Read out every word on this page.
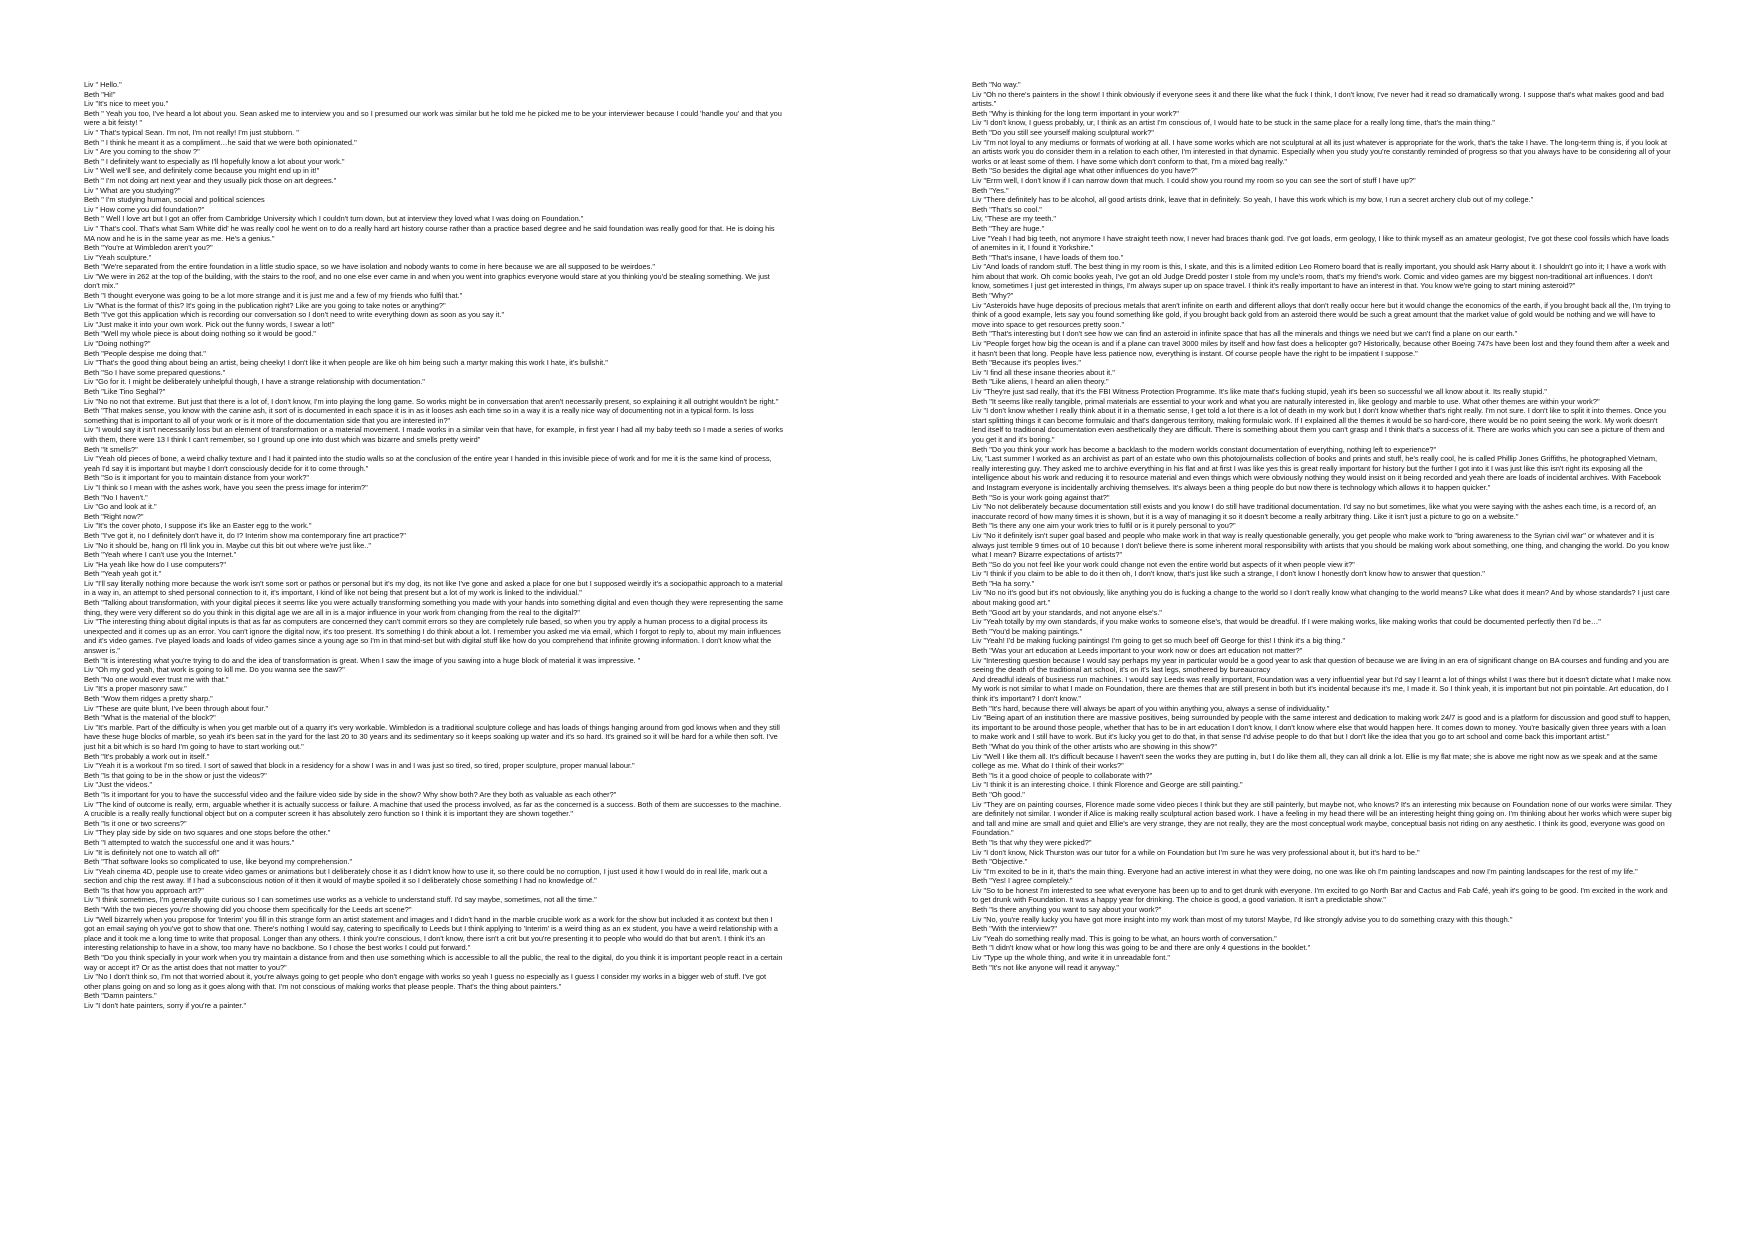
Liv " Hello."

Beth "Hi!"

Liv "It's nice to meet you."

Beth " Yeah you too, I've heard a lot about you. Sean asked me to interview you and so I presumed our work was similar but he told me he picked me to be your interviewer because I could 'handle you' and that you were a bit feisty! "

Liv " That's typical Sean. I'm not, I'm not really! I'm just stubborn. "

Beth " I think he meant it as a compliment…he said that we were both opinionated."

Liv " Are you coming to the show ?"

Beth " I definitely want to especially as I'll hopefully know a lot about your work."

Liv " Well we'll see, and definitely come because you might end up in it!"

Beth " I'm not doing art next year and they usually pick those on art degrees."

Liv " What are you studying?"

Beth " I'm studying human, social and political sciences

Liv " How come you did foundation?"

Beth " Well I love art but I got an offer from Cambridge University which I couldn't turn down, but at interview they loved what I was doing on Foundation."

Liv " That's cool. That's what Sam White did' he was really cool he went on to do a really hard art history course rather than a practice based degree and he said foundation was really good for that. He is doing his MA now and he is in the same year as me. He's a genius."

Beth "You're at Wimbledon aren't you?"

Liv "Yeah sculpture."

Beth "We're separated from the entire foundation in a little studio space, so we have isolation and nobody wants to come in here because we are all supposed to be weirdoes."

Liv "We were in 262 at the top of the building, with the stairs to the roof, and no one else ever came in and when you went into graphics everyone would stare at you thinking you'd be stealing something. We just don't mix."

Beth "I thought everyone was going to be a lot more strange and it is just me and a few of my friends who fulfil that."

Liv "What is the format of this? It's going in the publication right? Like are you going to take notes or anything?"

Beth "I've got this application which is recording our conversation so I don't need to write everything down as soon as you say it."

Liv "Just make it into your own work. Pick out the funny words, I swear a lot!"

Beth "Well my whole piece is about doing nothing so it would be good."

Liv "Doing nothing?"

Beth "People despise me doing that."

Liv "That's the good thing about being an artist, being cheeky! I don't like it when people are like oh him being such a martyr making this work I hate, it's bullshit."

Beth "So I have some prepared questions."

Liv "Go for it. I might be deliberately unhelpful though, I have a strange relationship with documentation."

Beth "Like Tino Seghal?"

Liv "No no not that extreme. But just that there is a lot of, I don't know, I'm into playing the long game. So works might be in conversation that aren't necessarily present, so explaining it all outright wouldn't be right."

Beth "That makes sense, you know with the canine ash, it sort of is documented in each space it is in as it looses ash each time so in a way it is a really nice way of documenting not in a typical form. Is loss something that is important to all of your work or is it more of the documentation side that you are interested in?"

Liv "I would say it isn't necessarily loss but an element of transformation or a material movement. I made works in a similar vein that have, for example, in first year I had all my baby teeth so I made a series of works with them, there were 13 I think I can't remember, so I ground up one into dust which was bizarre and smells pretty weird"

Beth "It smells?"

Liv "Yeah old pieces of bone, a weird chalky texture and I had it painted into the studio walls so at the conclusion of the entire year I handed in this invisible piece of work and for me it is the same kind of process, yeah I'd say it is important but maybe I don't consciously decide for it to come through."

Beth "So is it important for you to maintain distance from your work?"

Liv "I think so I mean with the ashes work, have you seen the press image for interim?"

Beth "No I haven't."

Liv "Go and look at it."

Beth "Right now?"

Liv "It's the cover photo, I suppose it's like an Easter egg to the work."

Beth "I've got it, no I definitely don't have it, do I? Interim show ma contemporary fine art practice?"

Liv "No it should be, hang on I'll link you in. Maybe cut this bit out where we're just like.."

Beth "Yeah where I can't use you the Internet."

Liv "Ha yeah like how do I use computers?"

Beth "Yeah yeah got it."

Liv "I'll say literally nothing more because the work isn't some sort or pathos or personal but it's my dog, its not like I've gone and asked a place for one but I supposed weirdly it's a sociopathic approach to a material in a way in, an attempt to shed personal connection to it, it's important, I kind of like not being that present but a lot of my work is linked to the individual."

Beth "Talking about transformation, with your digital pieces it seems like you were actually transforming something you made with your hands into something digital and even though they were representing the same thing, they were very different so do you think in this digital age we are all in is a major influence in your work from changing from the real to the digital?"

Liv "The interesting thing about digital inputs is that as far as computers are concerned they can't commit errors so they are completely rule based, so when you try apply a human process to a digital process its unexpected and it comes up as an error. You can't ignore the digital now, it's too present. It's something I do think about a lot. I remember you asked me via email, which I forgot to reply to, about my main influences and it's video games. I've played loads and loads of video games since a young age so I'm in that mind-set but with digital stuff like how do you comprehend that infinite growing information. I don't know what the answer is."

Beth "It is interesting what you're trying to do and the idea of transformation is great. When I saw the image of you sawing into a huge block of material it was impressive. "

Liv "Oh my god yeah, that work is going to kill me. Do you wanna see the saw?"

Beth "No one would ever trust me with that."

Liv "It's a proper masonry saw."

Beth "Wow them ridges a pretty sharp."

Liv "These are quite blunt, I've been through about four."

Beth "What is the material of the block?"

Liv "It's marble. Part of the difficulty is when you get marble out of a quarry it's very workable. Wimbledon is a traditional sculpture college and has loads of things hanging around from god knows when and they still have these huge blocks of marble, so yeah it's been sat in the yard for the last 20 to 30 years and its sedimentary so it keeps soaking up water and it's so hard. It's grained so it will be hard for a while then soft. I've just hit a bit which is so hard I'm going to have to start working out."

Beth "It's probably a work out in itself."

Liv "Yeah it is a workout I'm so tired. I sort of sawed that block in a residency for a show I was in and I was just so tired, so tired, proper sculpture, proper manual labour."

Beth "Is that going to be in the show or just the videos?"

Liv "Just the videos."

Beth "Is it important for you to have the successful video and the failure video side by side in the show? Why show both? Are they both as valuable as each other?"

Liv "The kind of outcome is really, erm, arguable whether it is actually success or failure. A machine that used the process involved, as far as the concerned is a success. Both of them are successes to the machine. A crucible is a really really functional object but on a computer screen it has absolutely zero function so I think it is important they are shown together."

Beth "Is it one or two screens?"

Liv "They play side by side on two squares and one stops before the other."

Beth "I attempted to watch the successful one and it was hours."

Liv "It is definitely not one to watch all of!"

Beth "That software looks so complicated to use, like beyond my comprehension."

Liv "Yeah cinema 4D, people use to create video games or animations but I deliberately chose it as I didn't know how to use it, so there could be no corruption, I just used it how I would do in real life, mark out a section and chip the rest away. If I had a subconscious notion of it then it would of maybe spoiled it so I deliberately chose something I had no knowledge of."

Beth "Is that how you approach art?"

Liv "I think sometimes, I'm generally quite curious so I can sometimes use works as a vehicle to understand stuff. I'd say maybe, sometimes, not all the time."

Beth "With the two pieces you're showing did you choose them specifically for the Leeds art scene?"

Liv "Well bizarrely when you propose for 'Interim' you fill in this strange form an artist statement and images and I didn't hand in the marble crucible work as a work for the show but included it as context but then I got an email saying oh you've got to show that one. There's nothing I would say, catering to specifically to Leeds but I think applying to 'Interim' is a weird thing as an ex student, you have a weird relationship with a place and it took me a long time to write that proposal. Longer than any others. I think you're conscious, I don't know, there isn't a crit but you're presenting it to people who would do that but aren't. I think it's an interesting relationship to have in a show, too many have no backbone. So I chose the best works I could put forward."

Beth "Do you think specially in your work when you try maintain a distance from and then use something which is accessible to all the public, the real to the digital, do you think it is important people react in a certain way or accept it? Or as the artist does that not matter to you?"

Liv "No I don't think so, I'm not that worried about it, you're always going to get people who don't engage with works so yeah I guess no especially as I guess I consider my works in a bigger web of stuff. I've got other plans going on and so long as it goes along with that. I'm not conscious of making works that please people. That's the thing about painters."

Beth "Damn painters."

Liv "I don't hate painters, sorry if you're a painter."

Beth "No way."

Liv "Oh no there's painters in the show! I think obviously if everyone sees it and there like what the fuck I think, I don't know, I've never had it read so dramatically wrong. I suppose that's what makes good and bad artists."

Beth "Why is thinking for the long term important in your work?"

Liv "I don't know, I guess probably, ur, I think as an artist I'm conscious of, I would hate to be stuck in the same place for a really long time, that's the main thing."

Beth "Do you still see yourself making sculptural work?"

Liv "I'm not loyal to any mediums or formats of working at all. I have some works which are not sculptural at all its just whatever is appropriate for the work, that's the take I have. The long-term thing is, if you look at an artists work you do consider them in a relation to each other, I'm interested in that dynamic. Especially when you study you're constantly reminded of progress so that you always have to be considering all of your works or at least some of them. I have some which don't conform to that, I'm a mixed bag really."

Beth "So besides the digital age what other influences do you have?"

Liv "Errm well, I don't know if I can narrow down that much. I could show you round my room so you can see the sort of stuff I have up?"

Beth "Yes."

Liv "There definitely has to be alcohol, all good artists drink, leave that in definitely. So yeah, I have this work which is my bow, I run a secret archery club out of my college."

Beth "That's so cool."

Liv, "These are my teeth."

Beth "They are huge."

Live "Yeah I had big teeth, not anymore I have straight teeth now, I never had braces thank god. I've got loads, erm geology, I like to think myself as an amateur geologist, I've got these cool fossils which have loads of anemites in it, I found it Yorkshire."

Beth "That's insane, I have loads of them too."

Liv "And loads of random stuff. The best thing in my room is this, I skate, and this is a limited edition Leo Romero board that is really important, you should ask Harry about it. I shouldn't go into it; I have a work with him about that work. Oh comic books yeah, I've got an old Judge Dredd poster I stole from my uncle's room, that's my friend's work. Comic and video games are my biggest non-traditional art influences. I don't know, sometimes I just get interested in things, I'm always super up on space travel. I think it's really important to have an interest in that. You know we're going to start mining asteroid?"

Beth "Why?"

Liv "Asteroids have huge deposits of precious metals that aren't infinite on earth and different alloys that don't really occur here but it would change the economics of the earth, if you brought back all the, I'm trying to think of a good example, lets say you found something like gold, if you brought back gold from an asteroid there would be such a great amount that the market value of gold would be nothing and we will have to move into space to get resources pretty soon."

Beth "That's interesting but I don't see how we can find an asteroid in infinite space that has all the minerals and things we need but we can't find a plane on our earth."

Liv "People forget how big the ocean is and if a plane can travel 3000 miles by itself and how fast does a helicopter go? Historically, because other Boeing 747s have been lost and they found them after a week and it hasn't been that long. People have less patience now, everything is instant. Of course people have the right to be impatient I suppose."

Beth "Because it's peoples lives."

Liv "I find all these insane theories about it."

Beth "Like aliens, I heard an alien theory."

Liv "They're just sad really, that it's the FBI Witness Protection Programme. It's like mate that's fucking stupid, yeah it's been so successful we all know about it. Its really stupid."

Beth "It seems like really tangible, primal materials are essential to your work and what you are naturally interested in, like geology and marble to use. What other themes are within your work?"

Liv "I don't know whether I really think about it in a thematic sense, I get told a lot there is a lot of death in my work but I don't know whether that's right really. I'm not sure. I don't like to split it into themes. Once you start splitting things it can become formulaic and that's dangerous territory, making formulaic work. If I explained all the themes it would be so hard-core, there would be no point seeing the work. My work doesn't lend itself to traditional documentation even aesthetically they are difficult. There is something about them you can't grasp and I think that's a success of it. There are works which you can see a picture of them and you get it and it's boring."

Beth "Do you think your work has become a backlash to the modern worlds constant documentation of everything, nothing left to experience?"

Liv, "Last summer I worked as an archivist as part of an estate who own this photojournalists collection of books and prints and stuff, he's really cool, he is called Phillip Jones Griffiths, he photographed Vietnam, really interesting guy. They asked me to archive everything in his flat and at first I was like yes this is great really important for history but the further I got into it I was just like this isn't right its exposing all the intelligence about his work and reducing it to resource material and even things which were obviously nothing they would insist on it being recorded and yeah there are loads of incidental archives. With Facebook and Instagram everyone is incidentally archiving themselves. It's always been a thing people do but now there is technology which allows it to happen quicker."

Beth "So is your work going against that?"

Liv "No not deliberately because documentation still exists and you know I do still have traditional documentation. I'd say no but sometimes, like what you were saying with the ashes each time, is a record of, an inaccurate record of how many times it is shown, but it is a way of managing it so it doesn't become a really arbitrary thing. Like it isn't just a picture to go on a website."

Beth "Is there any one aim your work tries to fulfil or is it purely personal to you?"

Liv "No it definitely isn't super goal based and people who make work in that way is really questionable generally, you get people who make work to "bring awareness to the Syrian civil war" or whatever and it is always just terrible 9 times out of 10 because I don't believe there is some inherent moral responsibility with artists that you should be making work about something, one thing, and changing the world. Do you know what I mean? Bizarre expectations of artists?"

Beth "So do you not feel like your work could change not even the entire world but aspects of it when people view it?"

Liv "I think if you claim to be able to do it then oh, I don't know, that's just like such a strange, I don't know I honestly don't know how to answer that question."

Beth "Ha ha sorry."

Liv "No no it's good but it's not obviously, like anything you do is fucking a change to the world so I don't really know what changing to the world means? Like what does it mean? And by whose standards? I just care about making good art."

Beth "Good art by your standards, and not anyone else's."

Liv "Yeah totally by my own standards, if you make works to someone else's, that would be dreadful. If I were making works, like making works that could be documented perfectly then I'd be…"

Beth "You'd be making paintings."

Liv "Yeah! I'd be making fucking paintings! I'm going to get so much beef off George for this! I think it's a big thing."

Beth "Was your art education at Leeds important to your work now or does art education not matter?"

Liv "Interesting question because I would say perhaps my year in particular would be a good year to ask that question of because we are living in an era of significant change on BA courses and funding and you are seeing the death of the traditional art school, it's on it's last legs, smothered by bureaucracy

And dreadful ideals of business run machines. I would say Leeds was really important, Foundation was a very influential year but I'd say I learnt a lot of things whilst I was there but it doesn't dictate what I make now. My work is not similar to what I made on Foundation, there are themes that are still present in both but it's incidental because it's me, I made it. So I think yeah, it is important but not pin pointable. Art education, do I think it's important? I don't know."

Beth "It's hard, because there will always be apart of you within anything you, always a sense of individuality."

Liv "Being apart of an institution there are massive positives, being surrounded by people with the same interest and dedication to making work 24/7 is good and is a platform for discussion and good stuff to happen, its important to be around those people, whether that has to be in art education I don't know, I don't know where else that would happen here. It comes down to money. You're basically given three years with a loan to make work and I still have to work. But it's lucky you get to do that, in that sense I'd advise people to do that but I don't like the idea that you go to art school and come back this important artist."

Beth "What do you think of the other artists who are showing in this show?"

Liv "Well I like them all. It's difficult because I haven't seen the works they are putting in, but I do like them all, they can all drink a lot. Ellie is my flat mate; she is above me right now as we speak and at the same college as me. What do I think of their works?"

Beth "Is it a good choice of people to collaborate with?"

Liv "I think it is an interesting choice. I think Florence and George are still painting."

Beth "Oh good."

Liv "They are on painting courses, Florence made some video pieces I think but they are still painterly, but maybe not, who knows? It's an interesting mix because on Foundation none of our works were similar. They are definitely not similar. I wonder if Alice is making really sculptural action based work. I have a feeling in my head there will be an interesting height thing going on. I'm thinking about her works which were super big and tall and mine are small and quiet and Ellie's are very strange, they are not really, they are the most conceptual work maybe, conceptual basis not riding on any aesthetic. I think its good, everyone was good on Foundation."

Beth "Is that why they were picked?"

Liv "I don't know, Nick Thurston was our tutor for a while on Foundation but I'm sure he was very professional about it, but it's hard to be."

Beth "Objective."

Liv "I'm excited to be in it, that's the main thing. Everyone had an active interest in what they were doing, no one was like oh I'm painting landscapes and now I'm painting landscapes for the rest of my life."

Beth "Yes! I agree completely."

Liv "So to be honest I'm interested to see what everyone has been up to and to get drunk with everyone. I'm excited to go North Bar and Cactus and Fab Café, yeah it's going to be good. I'm excited in the work and to get drunk with Foundation. It was a happy year for drinking. The choice is good, a good variation. It isn't a predictable show."

Beth "Is there anything you want to say about your work?"

Liv "No, you're really lucky you have got more insight into my work than most of my tutors! Maybe, I'd like strongly advise you to do something crazy with this though."

Beth "With the interview?"

Liv "Yeah do something really mad. This is going to be what, an hours worth of conversation."

Beth "I didn't know what or how long this was going to be and there are only 4 questions in the booklet."

Liv "Type up the whole thing, and write it in unreadable font."

Beth "It's not like anyone will read it anyway."
